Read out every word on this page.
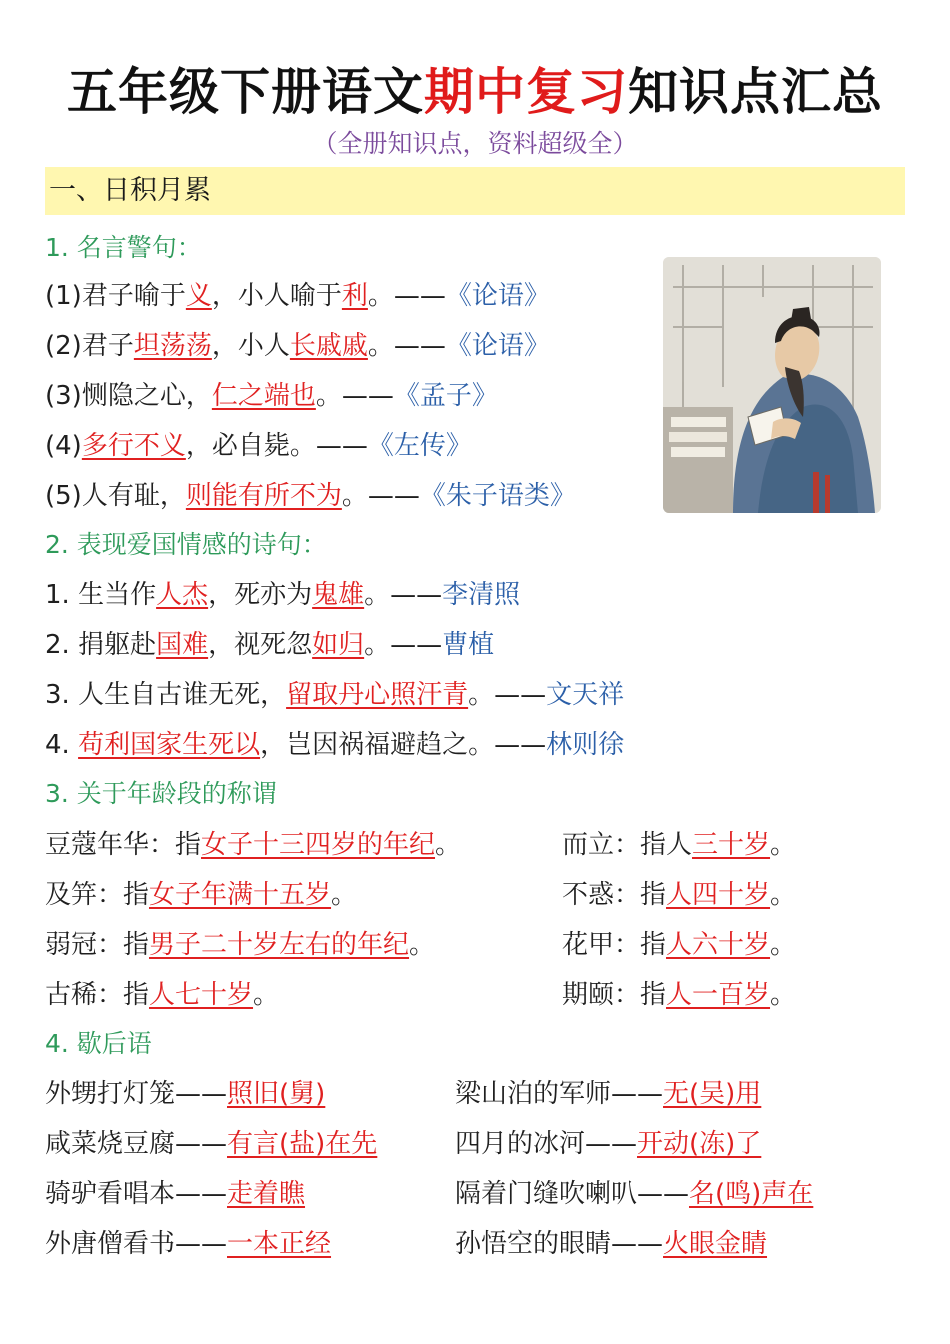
五年级下册语文期中复习知识点汇总
（全册知识点，资料超级全）
一、日积月累
1. 名言警句：
(1)君子喻于义，小人喻于利。——《论语》
(2)君子坦荡荡，小人长戚戚。——《论语》
(3)恻隐之心，仁之端也。——《孟子》
(4)多行不义，必自毙。——《左传》
(5)人有耻，则能有所不为。——《朱子语类》
2. 表现爱国情感的诗句：
1. 生当作人杰，死亦为鬼雄。——李清照
2. 捐躯赴国难，视死忽如归。——曹植
3. 人生自古谁无死，留取丹心照汗青。——文天祥
4. 苟利国家生死以，岂因祸福避趋之。——林则徐
3. 关于年龄段的称谓
豆蔻年华：指女子十三四岁的年纪。
及笄：指女子年满十五岁。
弱冠：指男子二十岁左右的年纪。
古稀：指人七十岁。
而立：指人三十岁。
不惑：指人四十岁。
花甲：指人六十岁。
期颐：指人一百岁。
4. 歇后语
外甥打灯笼——照旧(舅)
咸菜烧豆腐——有言(盐)在先
骑驴看唱本——走着瞧
外唐僧看书——一本正经
梁山泊的军师——无(吴)用
四月的冰河——开动(冻)了
隔着门缝吹喇叭——名(鸣)声在
孙悟空的眼睛——火眼金睛
